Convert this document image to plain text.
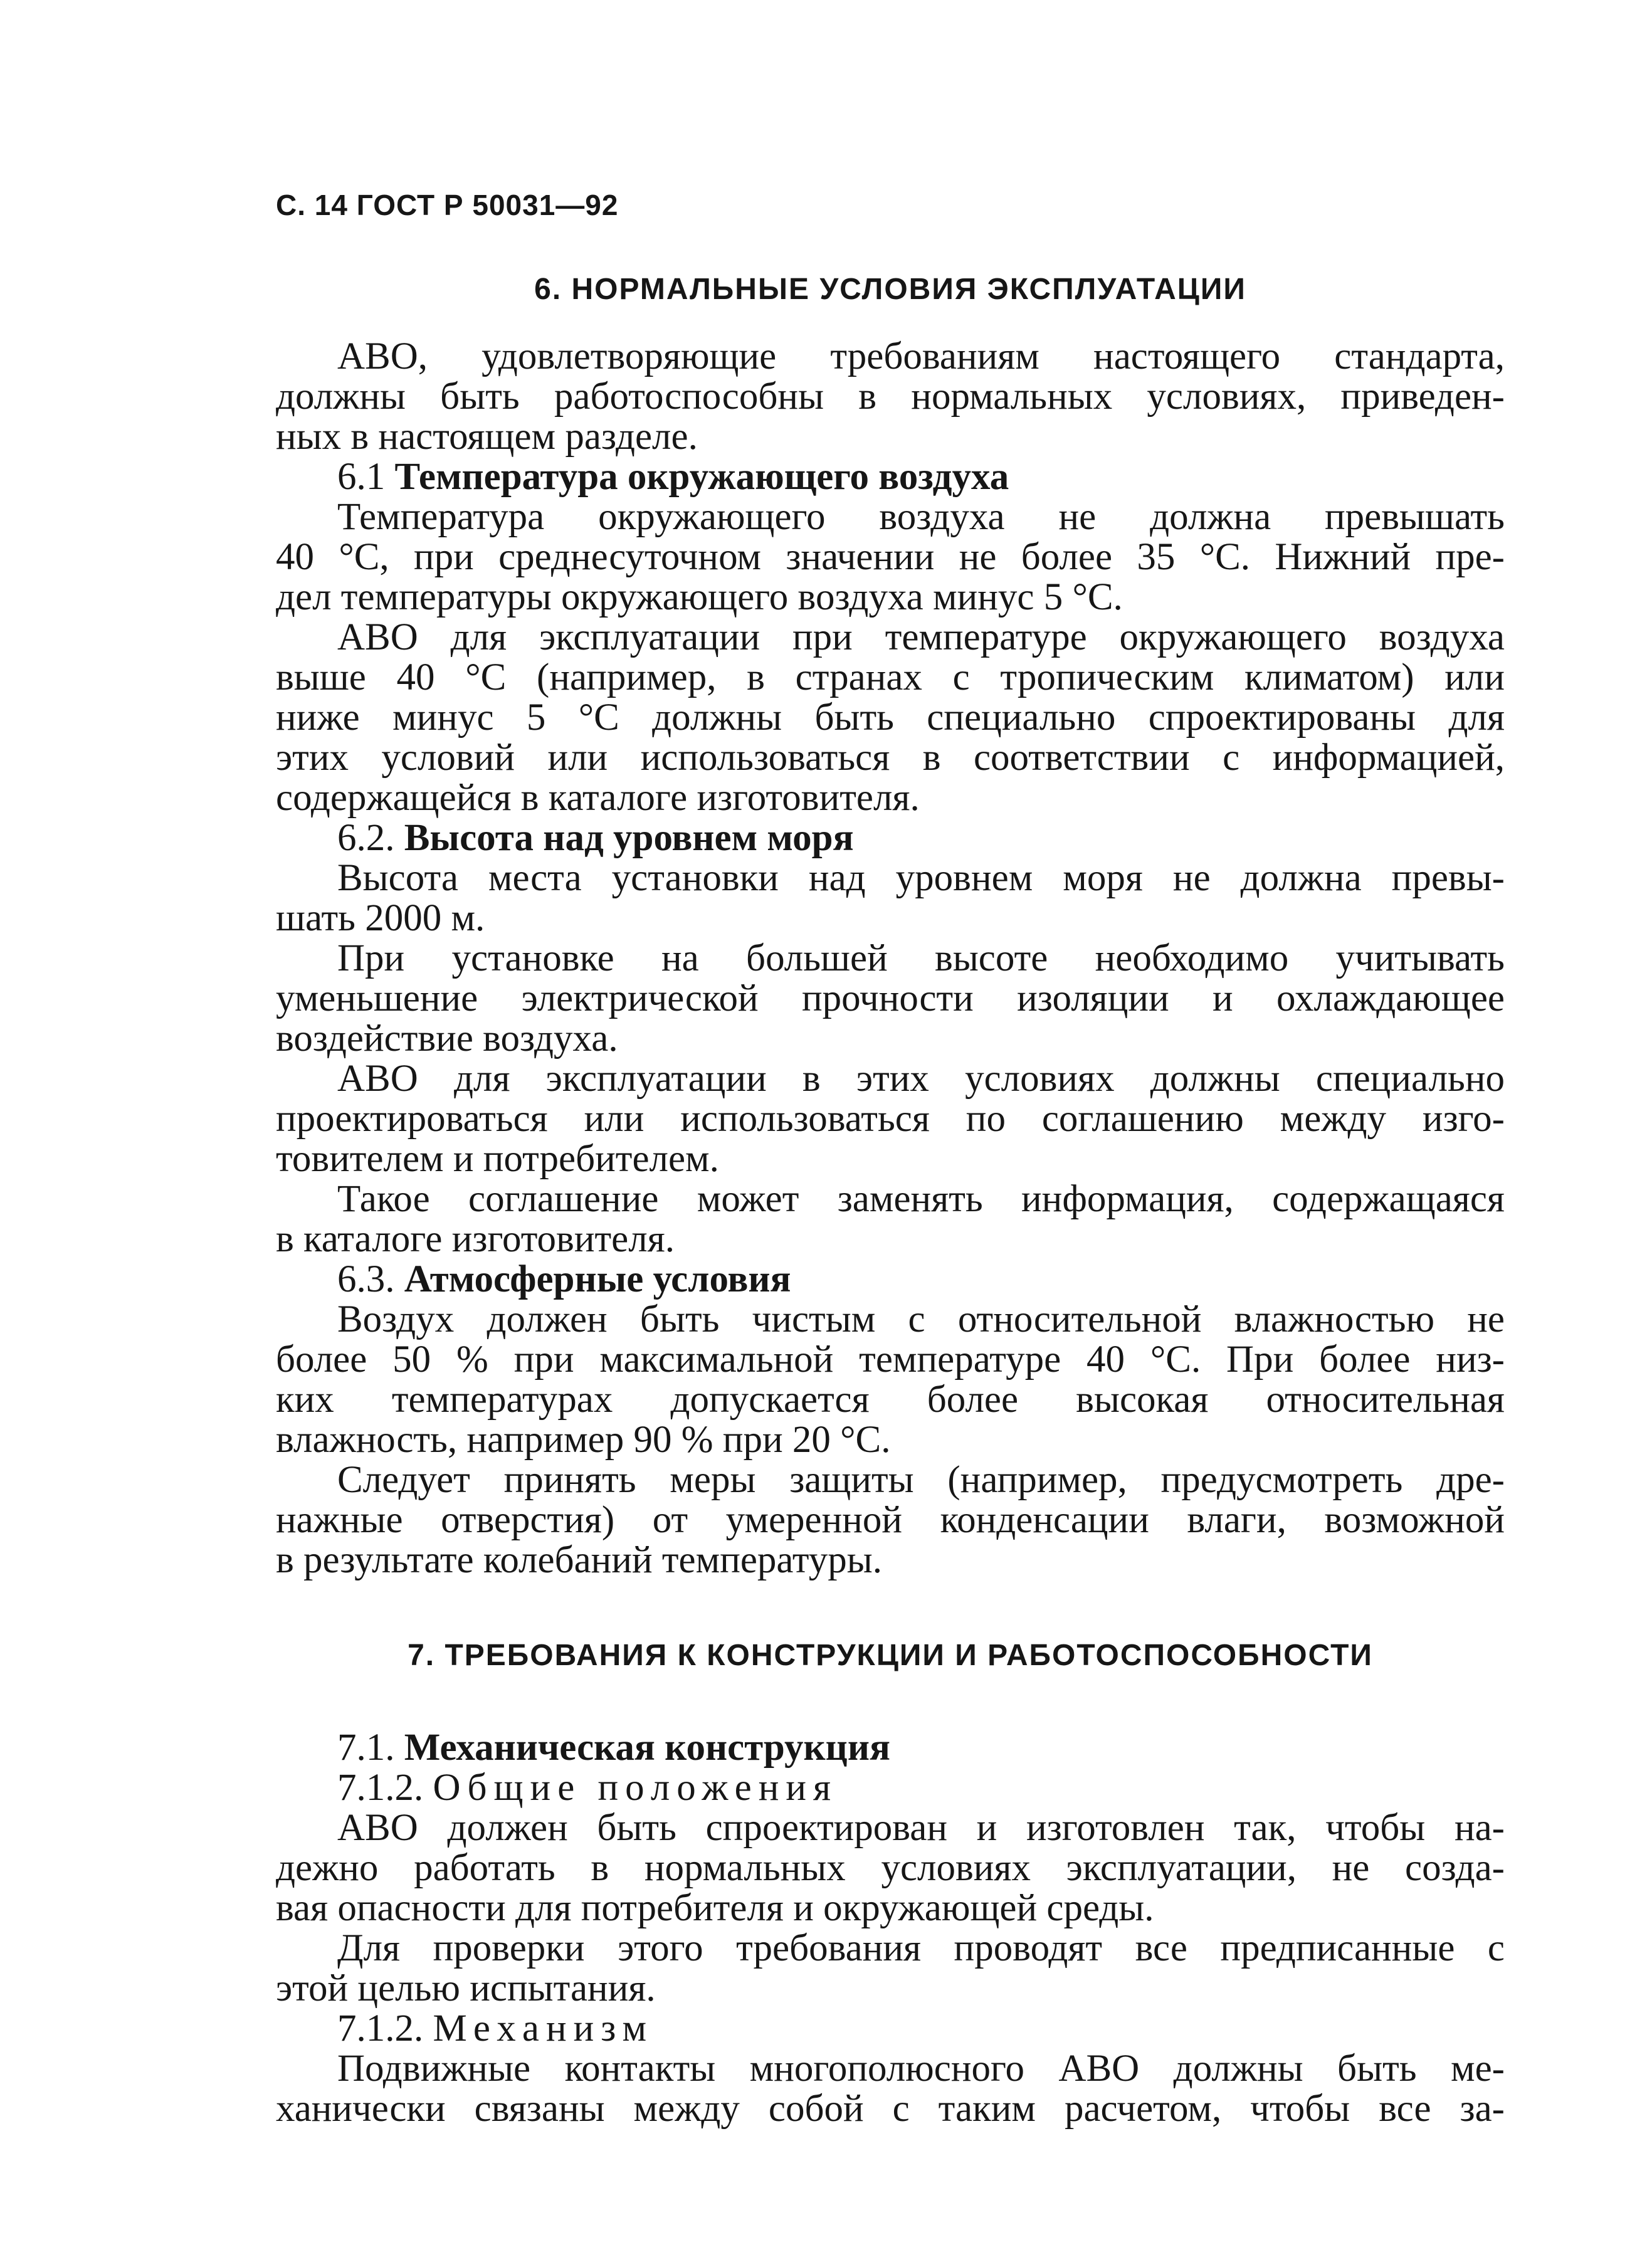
С. 14 ГОСТ Р 50031—92
6. НОРМАЛЬНЫЕ УСЛОВИЯ ЭКСПЛУАТАЦИИ

АВО, удовлетворяющие требованиям настоящего стандарта,
должны быть работоспособны в нормальных условиях, приведен-
ных в настоящем разделе.

6.1 Температура окружающего воздуха

Температура окружающего воздуха не должна превышать
40 °С, при среднесуточном значении не более 35 °С. Нижний пре-
дел температуры окружающего воздуха минус 5 °С.

АВО для эксплуатации при температуре окружающего воздуха
выше 40 °С (например, в странах с тропическим климатом) или
ниже минус 5 °С должны быть специально спроектированы для
этих условий или использоваться в соответствии с информацией,
содержащейся в каталоге изготовителя.

6.2. Высота над уровнем моря

Высота места установки над уровнем моря не должна превы-
шать 2000 м.

При установке на большей высоте необходимо учитывать
уменьшение электрической прочности изоляции и охлаждающее
воздействие воздуха.

АВО для эксплуатации в этих условиях должны специально
проектироваться или использоваться по соглашению между изго-
товителем и потребителем.

Такое соглашение может заменять информация, содержащаяся
в каталоге изготовителя.

6.3. Атмосферные условия

Воздух должен быть чистым с относительной влажностью не
более 50 % при максимальной температуре 40 °С. При более низ-
ких температурах допускается более высокая относительная
влажность, например 90 % при 20 °С.

Следует принять меры защиты (например, предусмотреть дре-
нажные отверстия) от умеренной конденсации влаги, возможной
в результате колебаний температуры.

7. ТРЕБОВАНИЯ К КОНСТРУКЦИИ И РАБОТОСПОСОБНОСТИ

7.1. Механическая конструкция

7.1.2. Общие положения

АВО должен быть спроектирован и изготовлен так, чтобы на-
дежно работать в нормальных условиях эксплуатации, не созда-
вая опасности для потребителя и окружающей среды.

Для проверки этого требования проводят все предписанные с
этой целью испытания.

7.1.2. Механизм

Подвижные контакты многополюсного АВО должны быть ме-
ханически связаны между собой с таким расчетом, чтобы все за-
